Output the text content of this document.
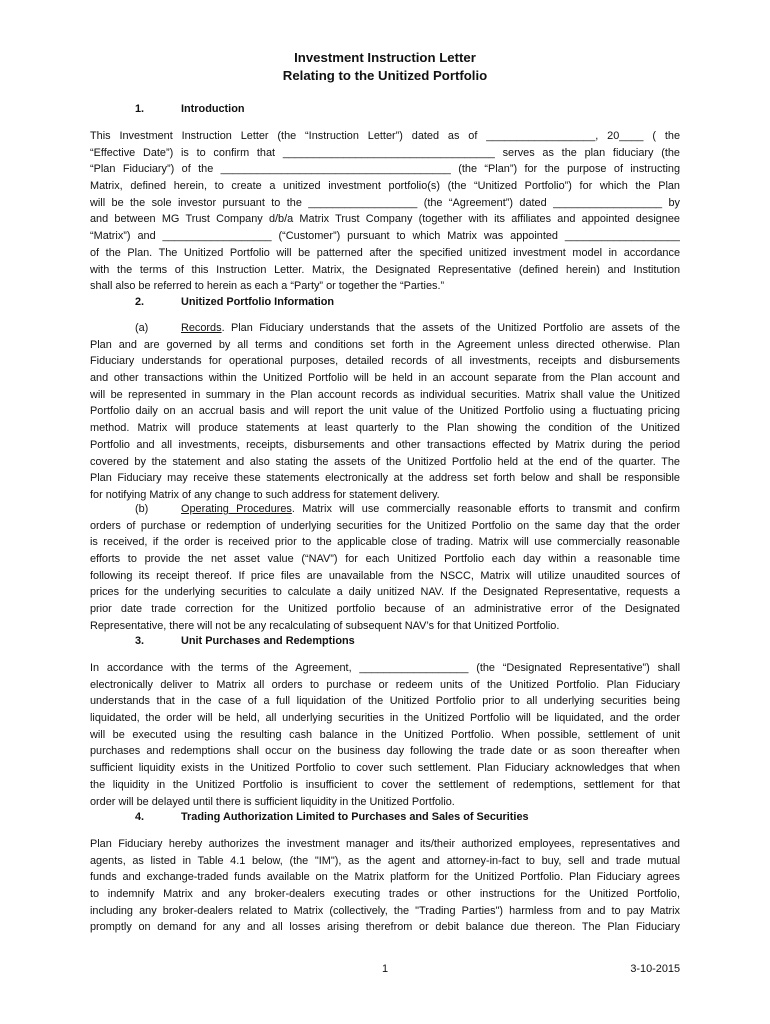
Investment Instruction Letter
Relating to the Unitized Portfolio
1.	Introduction
This Investment Instruction Letter (the “Instruction Letter”) dated as of __________________, 20____ ( the
“Effective Date”) is to confirm that ___________________________________ serves as the plan fiduciary (the
“Plan Fiduciary”) of the ______________________________________ (the “Plan”) for the purpose of instructing
Matrix, defined herein, to create a unitized investment portfolio(s) (the “Unitized Portfolio”) for which the Plan
will be the sole investor pursuant to the __________________ (the “Agreement”) dated __________________ by
and between MG Trust Company d/b/a Matrix Trust Company (together with its affiliates and appointed designee
“Matrix”) and __________________ (“Customer”) pursuant to which Matrix was appointed ___________________
of the Plan. The Unitized Portfolio will be patterned after the specified unitized investment model in accordance
with the terms of this Instruction Letter. Matrix, the Designated Representative (defined herein) and Institution
shall also be referred to herein as each a “Party” or together the “Parties.”
2.	Unitized Portfolio Information
(a)	Records. Plan Fiduciary understands that the assets of the Unitized Portfolio are assets of the
Plan and are governed by all terms and conditions set forth in the Agreement unless directed otherwise. Plan
Fiduciary understands for operational purposes, detailed records of all investments, receipts and disbursements
and other transactions within the Unitized Portfolio will be held in an account separate from the Plan account and
will be represented in summary in the Plan account records as individual securities. Matrix shall value the Unitized
Portfolio daily on an accrual basis and will report the unit value of the Unitized Portfolio using a fluctuating pricing
method. Matrix will produce statements at least quarterly to the Plan showing the condition of the Unitized
Portfolio and all investments, receipts, disbursements and other transactions effected by Matrix during the period
covered by the statement and also stating the assets of the Unitized Portfolio held at the end of the quarter. The
Plan Fiduciary may receive these statements electronically at the address set forth below and shall be responsible
for notifying Matrix of any change to such address for statement delivery.
(b)	Operating Procedures. Matrix will use commercially reasonable efforts to transmit and confirm
orders of purchase or redemption of underlying securities for the Unitized Portfolio on the same day that the order
is received, if the order is received prior to the applicable close of trading. Matrix will use commercially reasonable
efforts to provide the net asset value (“NAV”) for each Unitized Portfolio each day within a reasonable time
following its receipt thereof. If price files are unavailable from the NSCC, Matrix will utilize unaudited sources of
prices for the underlying securities to calculate a daily unitized NAV. If the Designated Representative, requests a
prior date trade correction for the Unitized portfolio because of an administrative error of the Designated
Representative, there will not be any recalculating of subsequent NAV’s for that Unitized Portfolio.
3.	Unit Purchases and Redemptions
In accordance with the terms of the Agreement, __________________ (the “Designated Representative”) shall
electronically deliver to Matrix all orders to purchase or redeem units of the Unitized Portfolio. Plan Fiduciary
understands that in the case of a full liquidation of the Unitized Portfolio prior to all underlying securities being
liquidated, the order will be held, all underlying securities in the Unitized Portfolio will be liquidated, and the order
will be executed using the resulting cash balance in the Unitized Portfolio. When possible, settlement of unit
purchases and redemptions shall occur on the business day following the trade date or as soon thereafter when
sufficient liquidity exists in the Unitized Portfolio to cover such settlement. Plan Fiduciary acknowledges that when
the liquidity in the Unitized Portfolio is insufficient to cover the settlement of redemptions, settlement for that
order will be delayed until there is sufficient liquidity in the Unitized Portfolio.
4.	Trading Authorization Limited to Purchases and Sales of Securities
Plan Fiduciary hereby authorizes the investment manager and its/their authorized employees, representatives and
agents, as listed in Table 4.1 below, (the "IM"), as the agent and attorney-in-fact to buy, sell and trade mutual
funds and exchange-traded funds available on the Matrix platform for the Unitized Portfolio. Plan Fiduciary agrees
to indemnify Matrix and any broker-dealers executing trades or other instructions for the Unitized Portfolio,
including any broker-dealers related to Matrix (collectively, the "Trading Parties") harmless from and to pay Matrix
promptly on demand for any and all losses arising therefrom or debit balance due thereon. The Plan Fiduciary
1	3-10-2015
